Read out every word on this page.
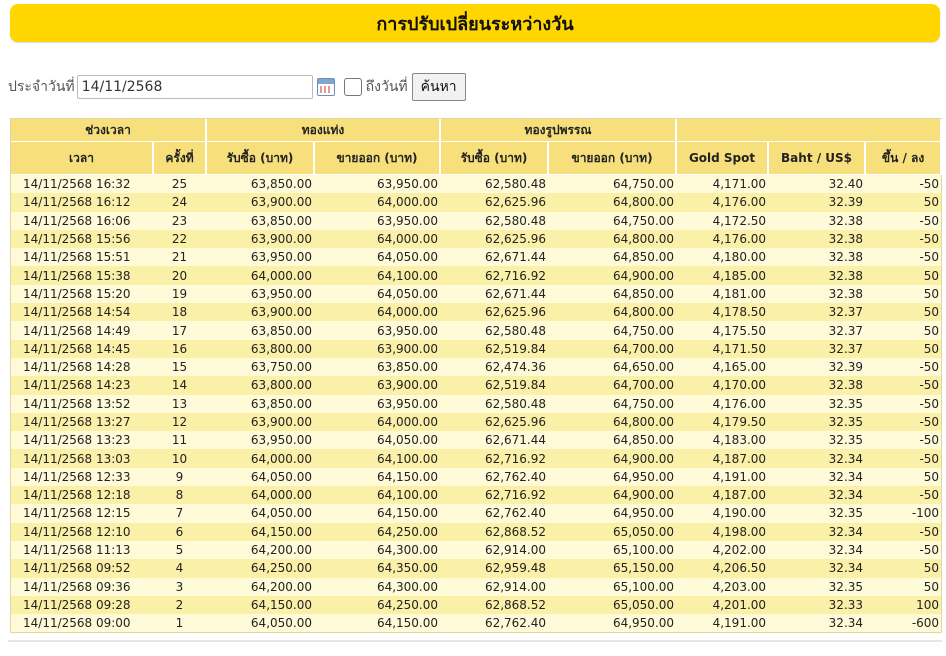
การปรับเปลี่ยนระหว่างวัน
ประจำวันที่
14/11/2568	ถึงวันที่ ค้นหา
ช่วงเวลา		ทองแท่ง		ทองรูปพรรณ				
เวลา	ครั้งที่	รับซื้อ (บาท)	ขายออก (บาท)	รับซื้อ (บาท)	ขายออก (บาท)	Gold Spot	Baht / US$	ขึ้น / ลง
14/11/2568 16:32	25	63,850.00	63,950.00	62,580.48	64,750.00	4,171.00	32.40	-50
14/11/2568 16:12	24	63,900.00	64,000.00	62,625.96	64,800.00	4,176.00	32.39	50
14/11/2568 16:06	23	63,850.00	63,950.00	62,580.48	64,750.00	4,172.50	32.38	-50
14/11/2568 15:56	22	63,900.00	64,000.00	62,625.96	64,800.00	4,176.00	32.38	-50
14/11/2568 15:51	21	63,950.00	64,050.00	62,671.44	64,850.00	4,180.00	32.38	-50
14/11/2568 15:38	20	64,000.00	64,100.00	62,716.92	64,900.00	4,185.00	32.38	50
14/11/2568 15:20	19	63,950.00	64,050.00	62,671.44	64,850.00	4,181.00	32.38	50
14/11/2568 14:54	18	63,900.00	64,000.00	62,625.96	64,800.00	4,178.50	32.37	50
14/11/2568 14:49	17	63,850.00	63,950.00	62,580.48	64,750.00	4,175.50	32.37	50
14/11/2568 14:45	16	63,800.00	63,900.00	62,519.84	64,700.00	4,171.50	32.37	50
14/11/2568 14:28	15	63,750.00	63,850.00	62,474.36	64,650.00	4,165.00	32.39	-50
14/11/2568 14:23	14	63,800.00	63,900.00	62,519.84	64,700.00	4,170.00	32.38	-50
14/11/2568 13:52	13	63,850.00	63,950.00	62,580.48	64,750.00	4,176.00	32.35	-50
14/11/2568 13:27	12	63,900.00	64,000.00	62,625.96	64,800.00	4,179.50	32.35	-50
14/11/2568 13:23	11	63,950.00	64,050.00	62,671.44	64,850.00	4,183.00	32.35	-50
14/11/2568 13:03	10	64,000.00	64,100.00	62,716.92	64,900.00	4,187.00	32.34	-50
14/11/2568 12:33	9	64,050.00	64,150.00	62,762.40	64,950.00	4,191.00	32.34	50
14/11/2568 12:18	8	64,000.00	64,100.00	62,716.92	64,900.00	4,187.00	32.34	-50
14/11/2568 12:15	7	64,050.00	64,150.00	62,762.40	64,950.00	4,190.00	32.35	-100
14/11/2568 12:10	6	64,150.00	64,250.00	62,868.52	65,050.00	4,198.00	32.34	-50
14/11/2568 11:13	5	64,200.00	64,300.00	62,914.00	65,100.00	4,202.00	32.34	-50
14/11/2568 09:52	4	64,250.00	64,350.00	62,959.48	65,150.00	4,206.50	32.34	50
14/11/2568 09:36	3	64,200.00	64,300.00	62,914.00	65,100.00	4,203.00	32.35	50
14/11/2568 09:28	2	64,150.00	64,250.00	62,868.52	65,050.00	4,201.00	32.33	100
14/11/2568 09:00	1	64,050.00	64,150.00	62,762.40	64,950.00	4,191.00	32.34	-600
